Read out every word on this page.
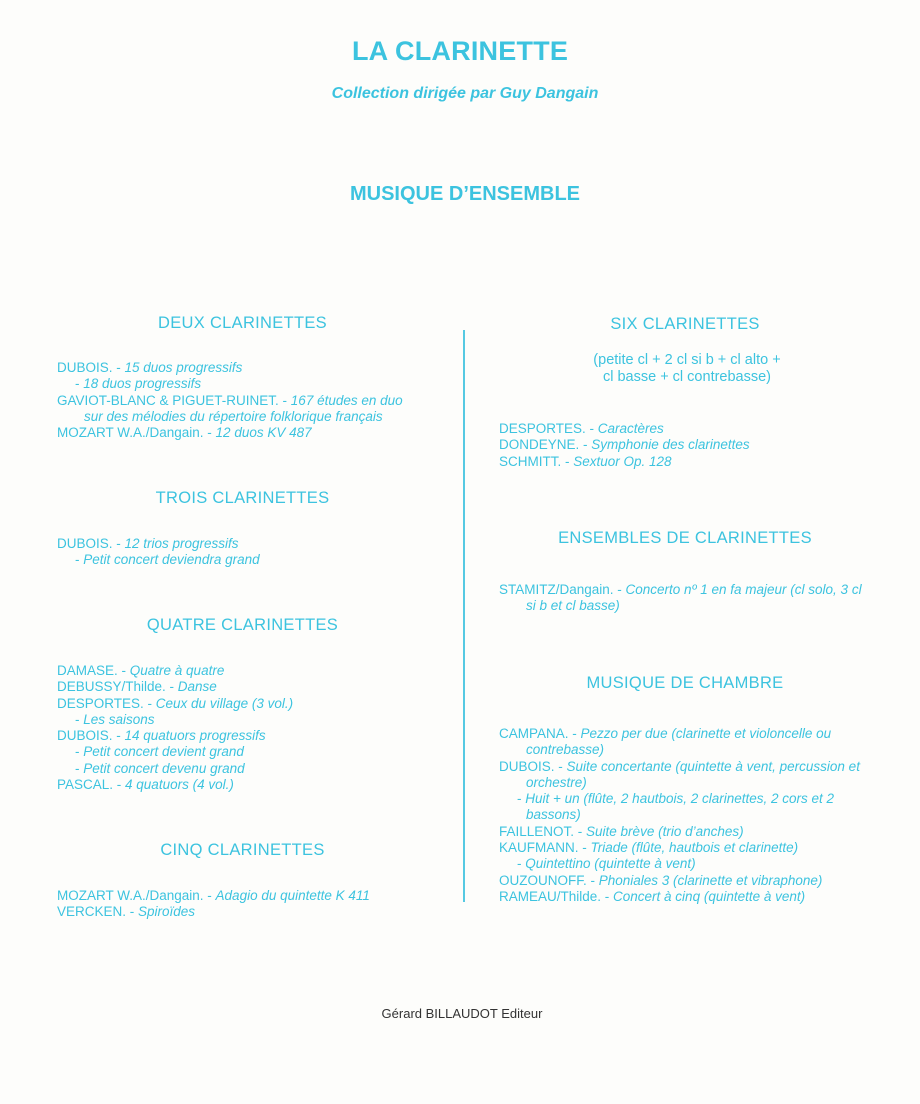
LA CLARINETTE
Collection dirigée par Guy Dangain
MUSIQUE D’ENSEMBLE
DEUX CLARINETTES
DUBOIS. - 15 duos progressifs
- 18 duos progressifs
GAVIOT-BLANC & PIGUET-RUINET. - 167 études en duo
sur des mélodies du répertoire folklorique français
MOZART W.A./Dangain. - 12 duos KV 487
TROIS CLARINETTES
DUBOIS. - 12 trios progressifs
- Petit concert deviendra grand
QUATRE CLARINETTES
DAMASE. - Quatre à quatre
DEBUSSY/Thilde. - Danse
DESPORTES. - Ceux du village (3 vol.)
- Les saisons
DUBOIS. - 14 quatuors progressifs
- Petit concert devient grand
- Petit concert devenu grand
PASCAL. - 4 quatuors (4 vol.)
CINQ CLARINETTES
MOZART W.A./Dangain. - Adagio du quintette K 411
VERCKEN. - Spiroïdes
SIX CLARINETTES
(petite cl + 2 cl si b + cl alto +
cl basse + cl contrebasse)
DESPORTES. - Caractères
DONDEYNE. - Symphonie des clarinettes
SCHMITT. - Sextuor Op. 128
ENSEMBLES DE CLARINETTES
STAMITZ/Dangain. - Concerto nº 1 en fa majeur (cl solo, 3 cl si b et cl basse)
MUSIQUE DE CHAMBRE
CAMPANA. - Pezzo per due (clarinette et violoncelle ou contrebasse)
DUBOIS. - Suite concertante (quintette à vent, percussion et orchestre)
- Huit + un (flûte, 2 hautbois, 2 clarinettes, 2 cors et 2 bassons)
FAILLENOT. - Suite brève (trio d’anches)
KAUFMANN. - Triade (flûte, hautbois et clarinette)
- Quintettino (quintette à vent)
OUZOUNOFF. - Phoniales 3 (clarinette et vibraphone)
RAMEAU/Thilde. - Concert à cinq (quintette à vent)
Gérard BILLAUDOT Editeur
